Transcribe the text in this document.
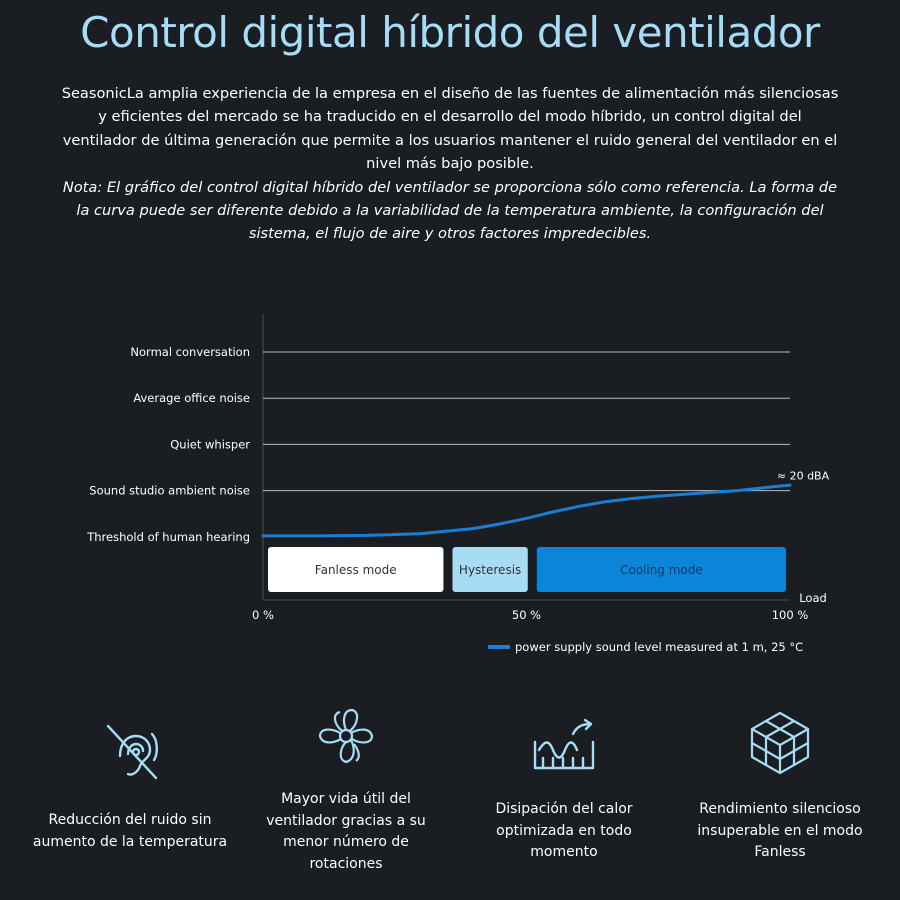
Control digital híbrido del ventilador
SeasonicLa amplia experiencia de la empresa en el diseño de las fuentes de alimentación más silenciosas y eficientes del mercado se ha traducido en el desarrollo del modo híbrido, un control digital del ventilador de última generación que permite a los usuarios mantener el ruido general del ventilador en el nivel más bajo posible.
Nota: El gráfico del control digital híbrido del ventilador se proporciona sólo como referencia. La forma de la curva puede ser diferente debido a la variabilidad de la temperatura ambiente, la configuración del sistema, el flujo de aire y otros factores impredecibles.
Threshold of human hearing
Sound studio ambient noise
Quiet whisper
Average office noise
Normal conversation
Fanless mode	Hysteresis	Cooling mode
≈ 20 dBA
0 %	50 %	100 %
Load
power supply sound level measured at 1 m, 25 °C
Reducción del ruido sin
aumento de la temperatura
Mayor vida útil del
ventilador gracias a su
menor número de
rotaciones
Disipación del calor
optimizada en todo
momento
Rendimiento silencioso
insuperable en el modo
Fanless
